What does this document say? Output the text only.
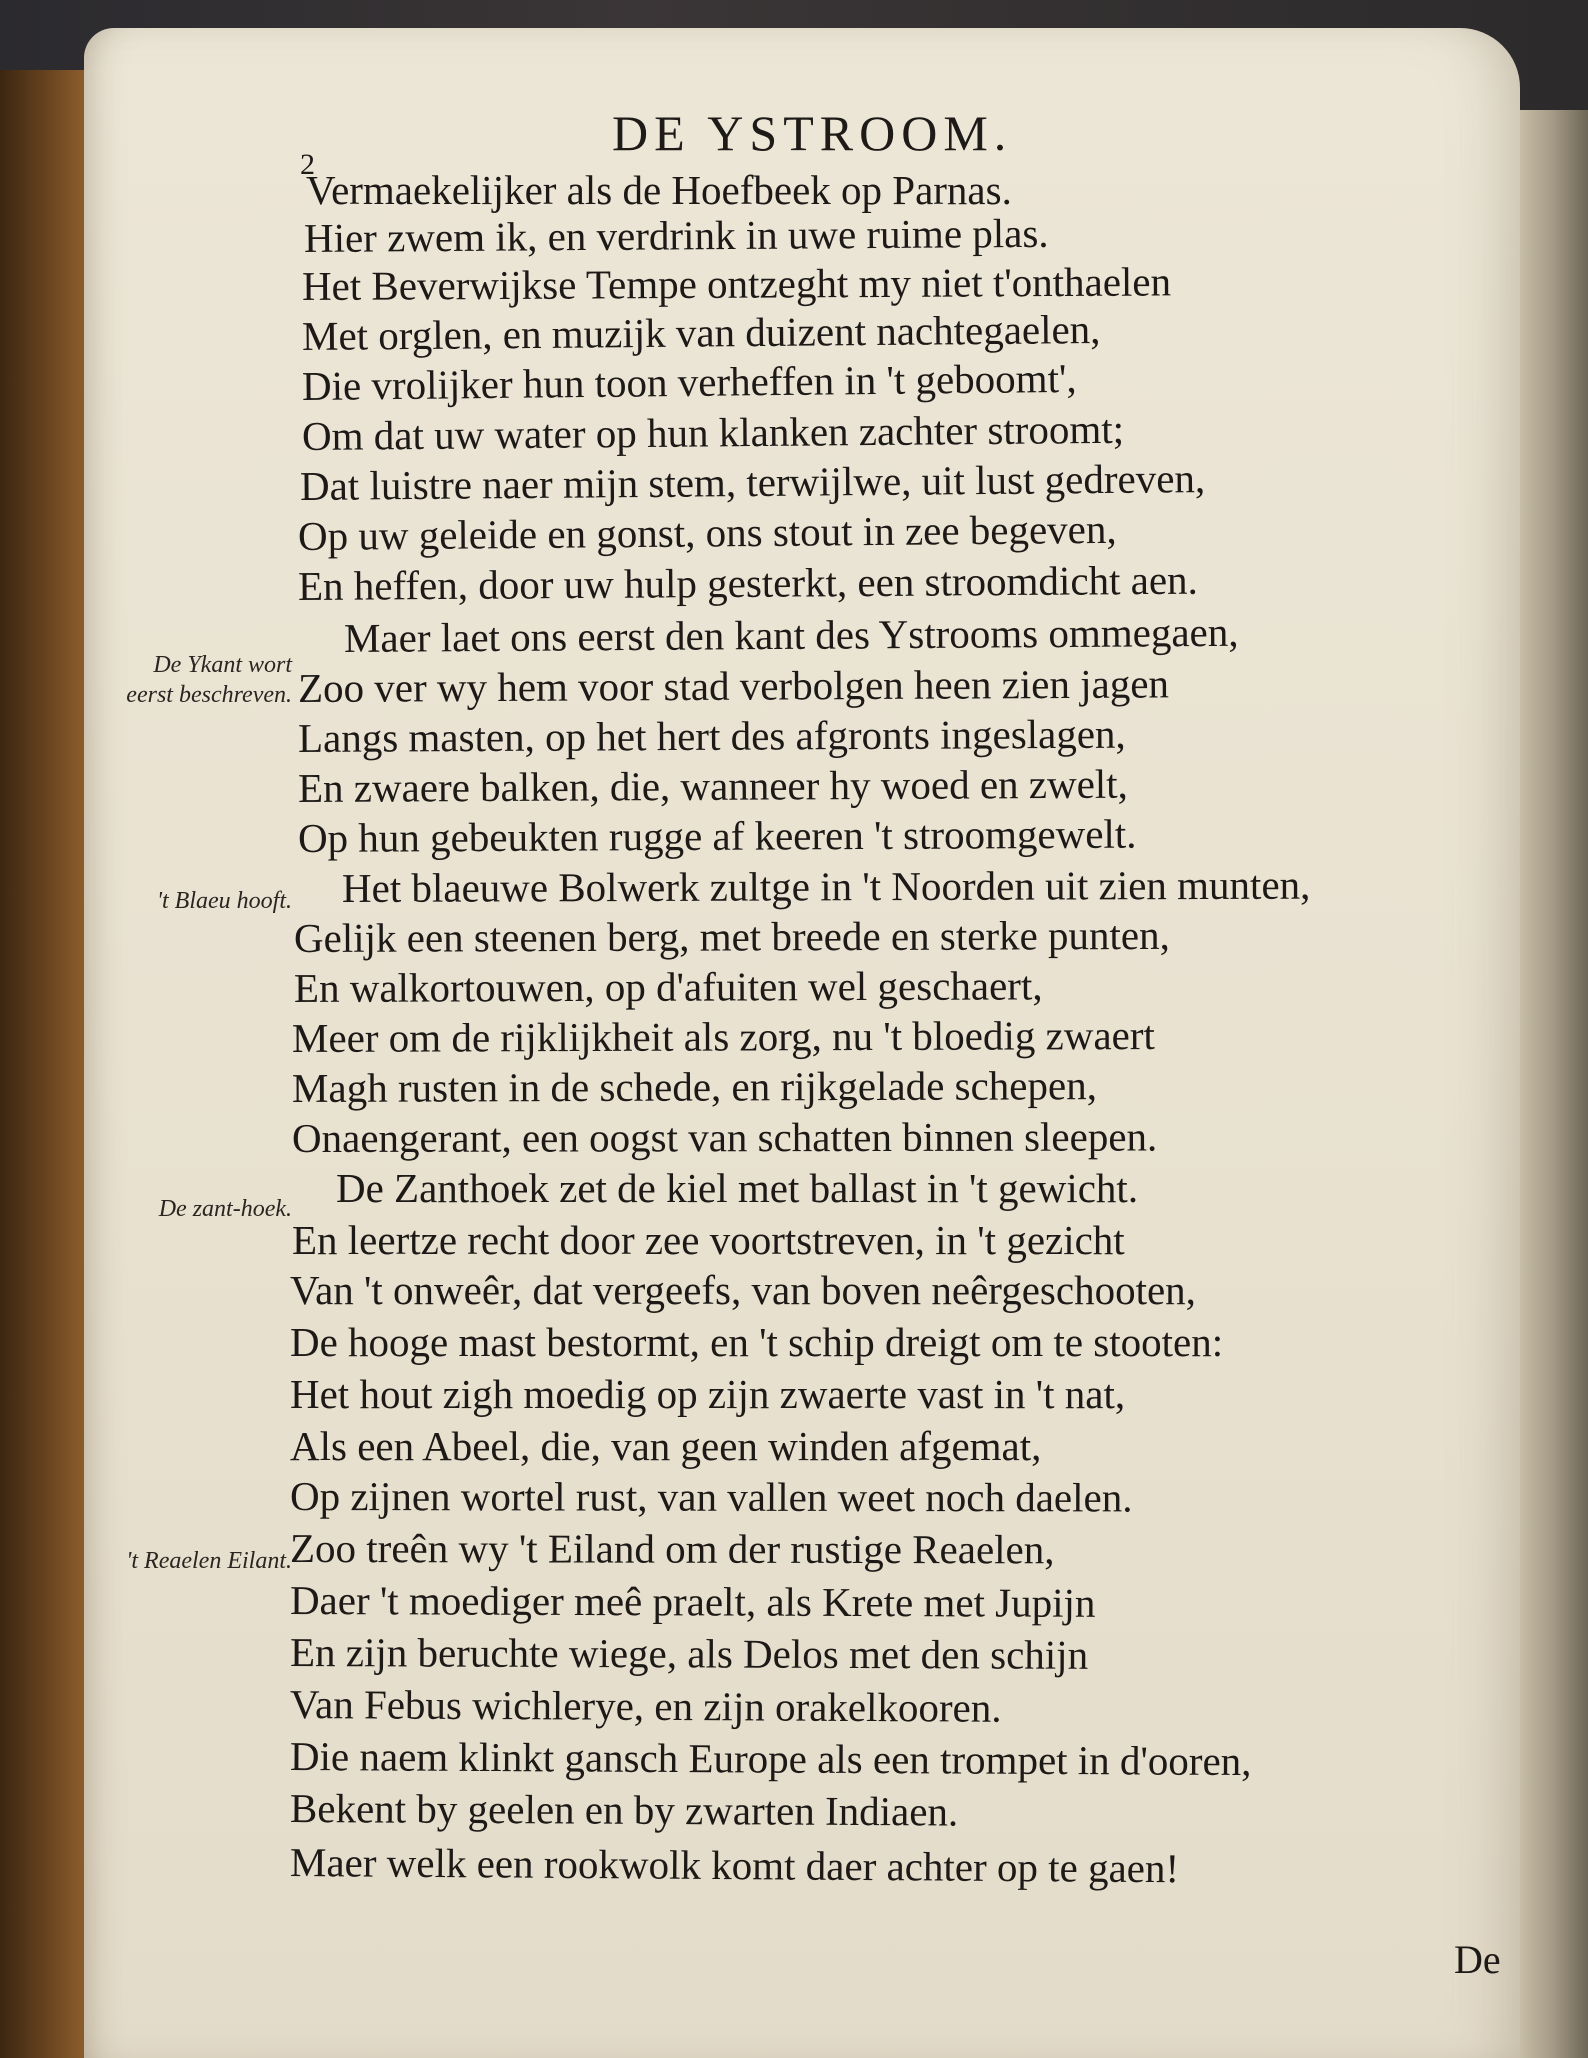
DE YSTROOM.
2
Vermaekelijker als de Hoefbeek op Parnas.
Hier zwem ik, en verdrink in uwe ruime plas.
Het Beverwijkse Tempe ontzeght my niet t'onthaelen
Met orglen, en muzijk van duizent nachtegaelen,
Die vrolijker hun toon verheffen in 't geboomt',
Om dat uw water op hun klanken zachter stroomt;
Dat luistre naer mijn stem, terwijlwe, uit lust gedreven,
Op uw geleide en gonst, ons stout in zee begeven,
En heffen, door uw hulp gesterkt, een stroomdicht aen.
Maer laet ons eerst den kant des Ystrooms ommegaen,
Zoo ver wy hem voor stad verbolgen heen zien jagen
Langs masten, op het hert des afgronts ingeslagen,
En zwaere balken, die, wanneer hy woed en zwelt,
Op hun gebeukten rugge af keeren 't stroomgewelt.
Het blaeuwe Bolwerk zultge in 't Noorden uit zien munten,
Gelijk een steenen berg, met breede en sterke punten,
En walkortouwen, op d'afuiten wel geschaert,
Meer om de rijklijkheit als zorg, nu 't bloedig zwaert
Magh rusten in de schede, en rijkgelade schepen,
Onaengerant, een oogst van schatten binnen sleepen.
De Zanthoek zet de kiel met ballast in 't gewicht.
En leertze recht door zee voortstreven, in 't gezicht
Van 't onweêr, dat vergeefs, van boven neêrgeschooten,
De hooge mast bestormt, en 't schip dreigt om te stooten:
Het hout zigh moedig op zijn zwaerte vast in 't nat,
Als een Abeel, die, van geen winden afgemat,
Op zijnen wortel rust, van vallen weet noch daelen.
Zoo treên wy 't Eiland om der rustige Reaelen,
Daer 't moediger meê praelt, als Krete met Jupijn
En zijn beruchte wiege, als Delos met den schijn
Van Febus wichlerye, en zijn orakelkooren.
Die naem klinkt gansch Europe als een trompet in d'ooren,
Bekent by geelen en by zwarten Indiaen.
Maer welk een rookwolk komt daer achter op te gaen!
De Ykant wort eerst beschreven.
't Blaeu hooft.
De zant-hoek.
't Reaelen Eilant.
De
